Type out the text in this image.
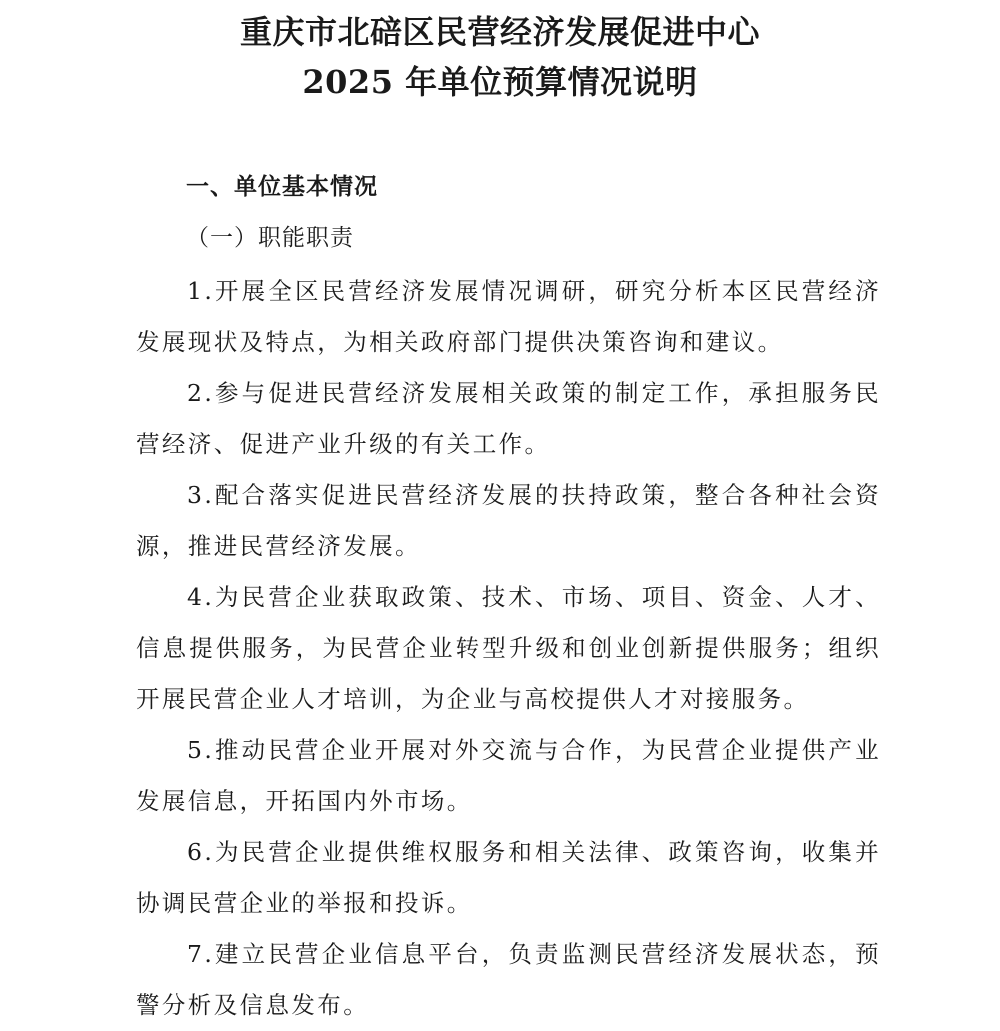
重庆市北碚区民营经济发展促进中心
2025 年单位预算情况说明
一、单位基本情况
（一）职能职责

1.开展全区民营经济发展情况调研，研究分析本区民营经济发展现状及特点，为相关政府部门提供决策咨询和建议。

2.参与促进民营经济发展相关政策的制定工作，承担服务民营经济、促进产业升级的有关工作。

3.配合落实促进民营经济发展的扶持政策，整合各种社会资源，推进民营经济发展。

4.为民营企业获取政策、技术、市场、项目、资金、人才、信息提供服务，为民营企业转型升级和创业创新提供服务；组织开展民营企业人才培训，为企业与高校提供人才对接服务。

5.推动民营企业开展对外交流与合作，为民营企业提供产业发展信息，开拓国内外市场。

6.为民营企业提供维权服务和相关法律、政策咨询，收集并协调民营企业的举报和投诉。

7.建立民营企业信息平台，负责监测民营经济发展状态，预警分析及信息发布。
